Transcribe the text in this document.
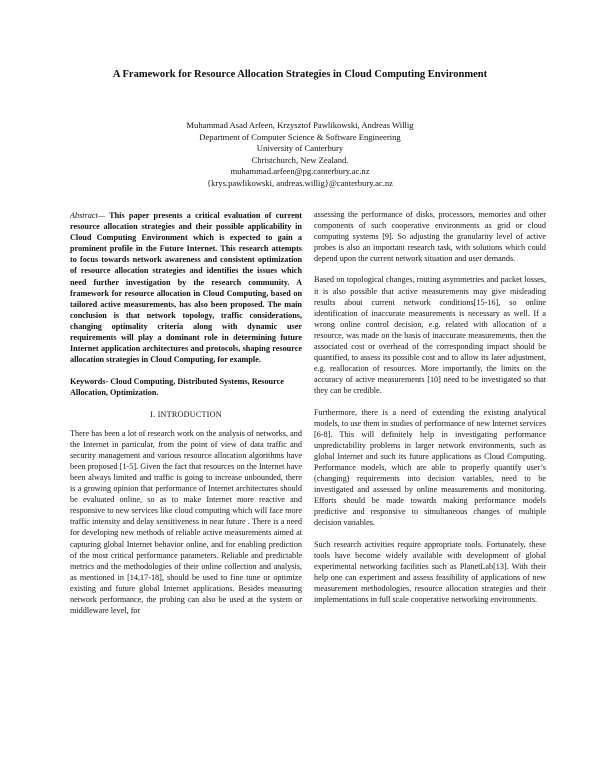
A Framework for Resource Allocation Strategies in Cloud Computing Environment
Muhammad Asad Arfeen, Krzysztof Pawlikowski, Andreas Willig
Department of Computer Science & Software Engineering
University of Canterbury
Christchurch, New Zealand.
muhammad.arfeen@pg.canterbury.ac.nz
{krys.pawlikowski, andreas.willig}@canterbury.ac.nz

Abstract— This paper presents a critical evaluation of current resource allocation strategies and their possible applicability in Cloud Computing Environment which is expected to gain a prominent profile in the Future Internet. This research attempts to focus towards network awareness and consistent optimization of resource allocation strategies and identifies the issues which need further investigation by the research community. A framework for resource allocation in Cloud Computing, based on tailored active measurements, has also been proposed. The main conclusion is that network topology, traffic considerations, changing optimality criteria along with dynamic user requirements will play a dominant role in determining future Internet application architectures and protocols, shaping resource allocation strategies in Cloud Computing, for example.

Keywords- Cloud Computing, Distributed Systems, Resource Allocation, Optimization.

I. INTRODUCTION

There has been a lot of research work on the analysis of networks, and the Internet in particular, from the point of view of data traffic and security management and various resource allocation algorithms have been proposed [1-5]. Given the fact that resources on the Internet have been always limited and traffic is going to increase unbounded, there is a growing opinion that performance of Internet architectures should be evaluated online, so as to make Internet more reactive and responsive to new services like cloud computing which will face more traffic intensity and delay sensitiveness in near future . There is a need for developing new methods of reliable active measurements aimed at capturing global Internet behavior online, and for enabling prediction of the most critical performance parameters. Reliable and predictable metrics and the methodologies of their online collection and analysis, as mentioned in [14,17-18], should be used to fine tune or optimize existing and future global Internet applications. Besides measuring network performance, the probing can also be used at the system or middleware level, for

assessing the performance of disks, processors, memories and other components of such cooperative environments as grid or cloud computing systems [9]. So adjusting the granularity level of active probes is also an important research task, with solutions which could depend upon the current network situation and user demands.

Based on topological changes, routing asymmetries and packet losses, it is also possible that active measurements may give misleading results about current network conditions[15-16], so online identification of inaccurate measurements is necessary as well. If a wrong online control decision, e.g. related with allocation of a resource, was made on the basis of inaccurate measurements, then the associated cost or overhead of the corresponding impact should be quantified, to assess its possible cost and to allow its later adjustment, e.g. reallocation of resources. More importantly, the limits on the accuracy of active measurements [10] need to be investigated so that they can be credible.

Furthermore, there is a need of extending the existing analytical models, to use them in studies of performance of new Internet services [6-8]. This will definitely help in investigating performance unpredictability problems in larger network environments, such as global Internet and such its future applications as Cloud Computing. Performance models, which are able to properly quantify user’s (changing) requirements into decision variables, need to be investigated and assessed by online measurements and monitoring. Efforts should be made towards making performance models predictive and responsive to simultaneous changes of multiple decision variables.

Such research activities require appropriate tools. Fortunately, these tools have become widely available with development of global experimental networking facilities such as PlanetLab[13]. With their help one can experiment and assess feasibility of applications of new measurement methodologies, resource allocation strategies and their implementations in full scale cooperative networking environments.
